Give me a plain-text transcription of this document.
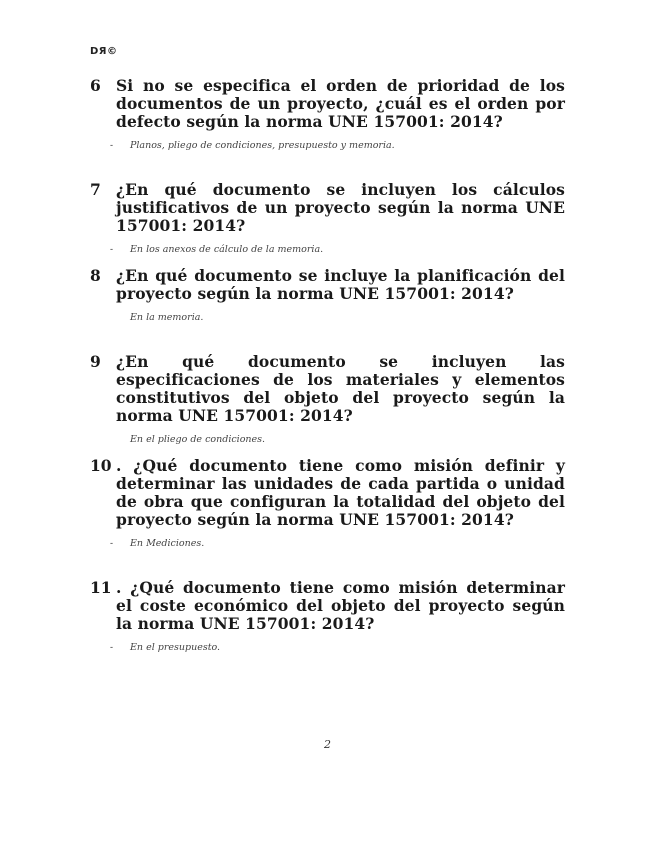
DЯ©
6 Si no se especifica el orden de prioridad de los documentos de un proyecto, ¿cuál es el orden por defecto según la norma UNE 157001: 2014?
-	Planos, pliego de condiciones, presupuesto y memoria.
7 ¿En qué documento se incluyen los cálculos justificativos de un proyecto según la norma UNE 157001: 2014?
-	En los anexos de cálculo de la memoria.
8 ¿En qué documento se incluye la planificación del proyecto según la norma UNE 157001: 2014?
En la memoria.
9 ¿En qué documento se incluyen las especificaciones de los materiales y elementos constitutivos del objeto del proyecto según la norma UNE 157001: 2014?
En el pliego de condiciones.
10 . ¿Qué documento tiene como misión definir y determinar las unidades de cada partida o unidad de obra que configuran la totalidad del objeto del proyecto según la norma UNE 157001: 2014?
-	En Mediciones.
11 . ¿Qué documento tiene como misión determinar el coste económico del objeto del proyecto según la norma UNE 157001: 2014?
-	En el presupuesto.
2
